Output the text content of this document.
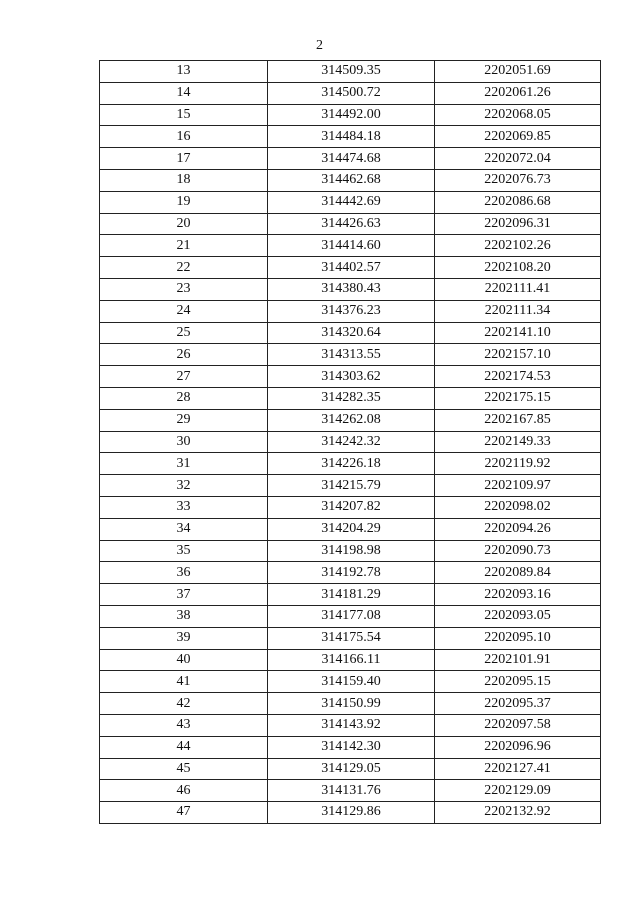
2
13	314509.35	2202051.69
14	314500.72	2202061.26
15	314492.00	2202068.05
16	314484.18	2202069.85
17	314474.68	2202072.04
18	314462.68	2202076.73
19	314442.69	2202086.68
20	314426.63	2202096.31
21	314414.60	2202102.26
22	314402.57	2202108.20
23	314380.43	2202111.41
24	314376.23	2202111.34
25	314320.64	2202141.10
26	314313.55	2202157.10
27	314303.62	2202174.53
28	314282.35	2202175.15
29	314262.08	2202167.85
30	314242.32	2202149.33
31	314226.18	2202119.92
32	314215.79	2202109.97
33	314207.82	2202098.02
34	314204.29	2202094.26
35	314198.98	2202090.73
36	314192.78	2202089.84
37	314181.29	2202093.16
38	314177.08	2202093.05
39	314175.54	2202095.10
40	314166.11	2202101.91
41	314159.40	2202095.15
42	314150.99	2202095.37
43	314143.92	2202097.58
44	314142.30	2202096.96
45	314129.05	2202127.41
46	314131.76	2202129.09
47	314129.86	2202132.92
